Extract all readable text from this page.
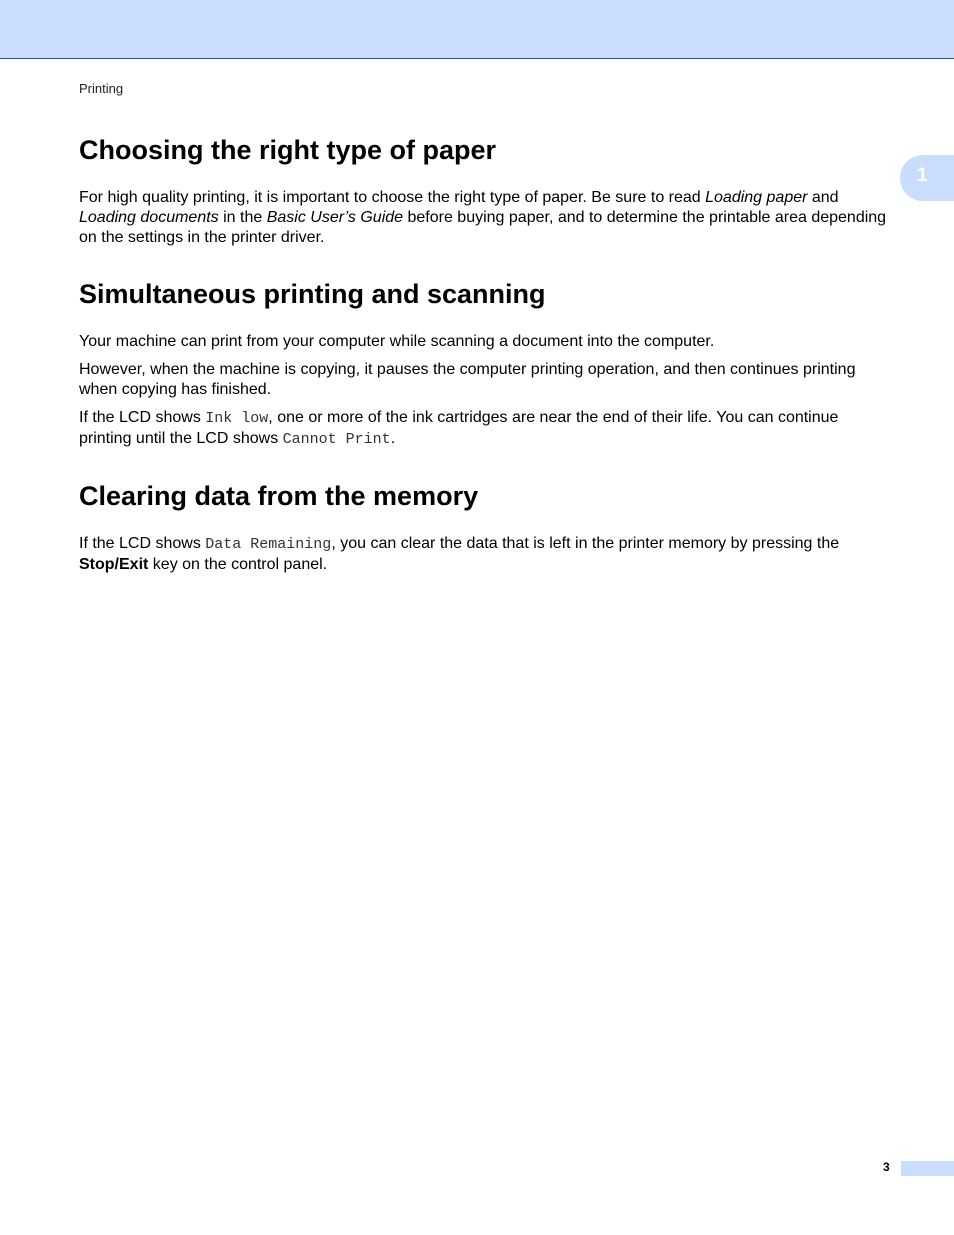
Printing
1
Choosing the right type of paper

For high quality printing, it is important to choose the right type of paper. Be sure to read Loading paper and Loading documents in the Basic User’s Guide before buying paper, and to determine the printable area depending on the settings in the printer driver.

Simultaneous printing and scanning

Your machine can print from your computer while scanning a document into the computer.

However, when the machine is copying, it pauses the computer printing operation, and then continues printing when copying has finished.

If the LCD shows Ink low, one or more of the ink cartridges are near the end of their life. You can continue printing until the LCD shows Cannot Print.

Clearing data from the memory

If the LCD shows Data Remaining, you can clear the data that is left in the printer memory by pressing the Stop/Exit key on the control panel.

3
